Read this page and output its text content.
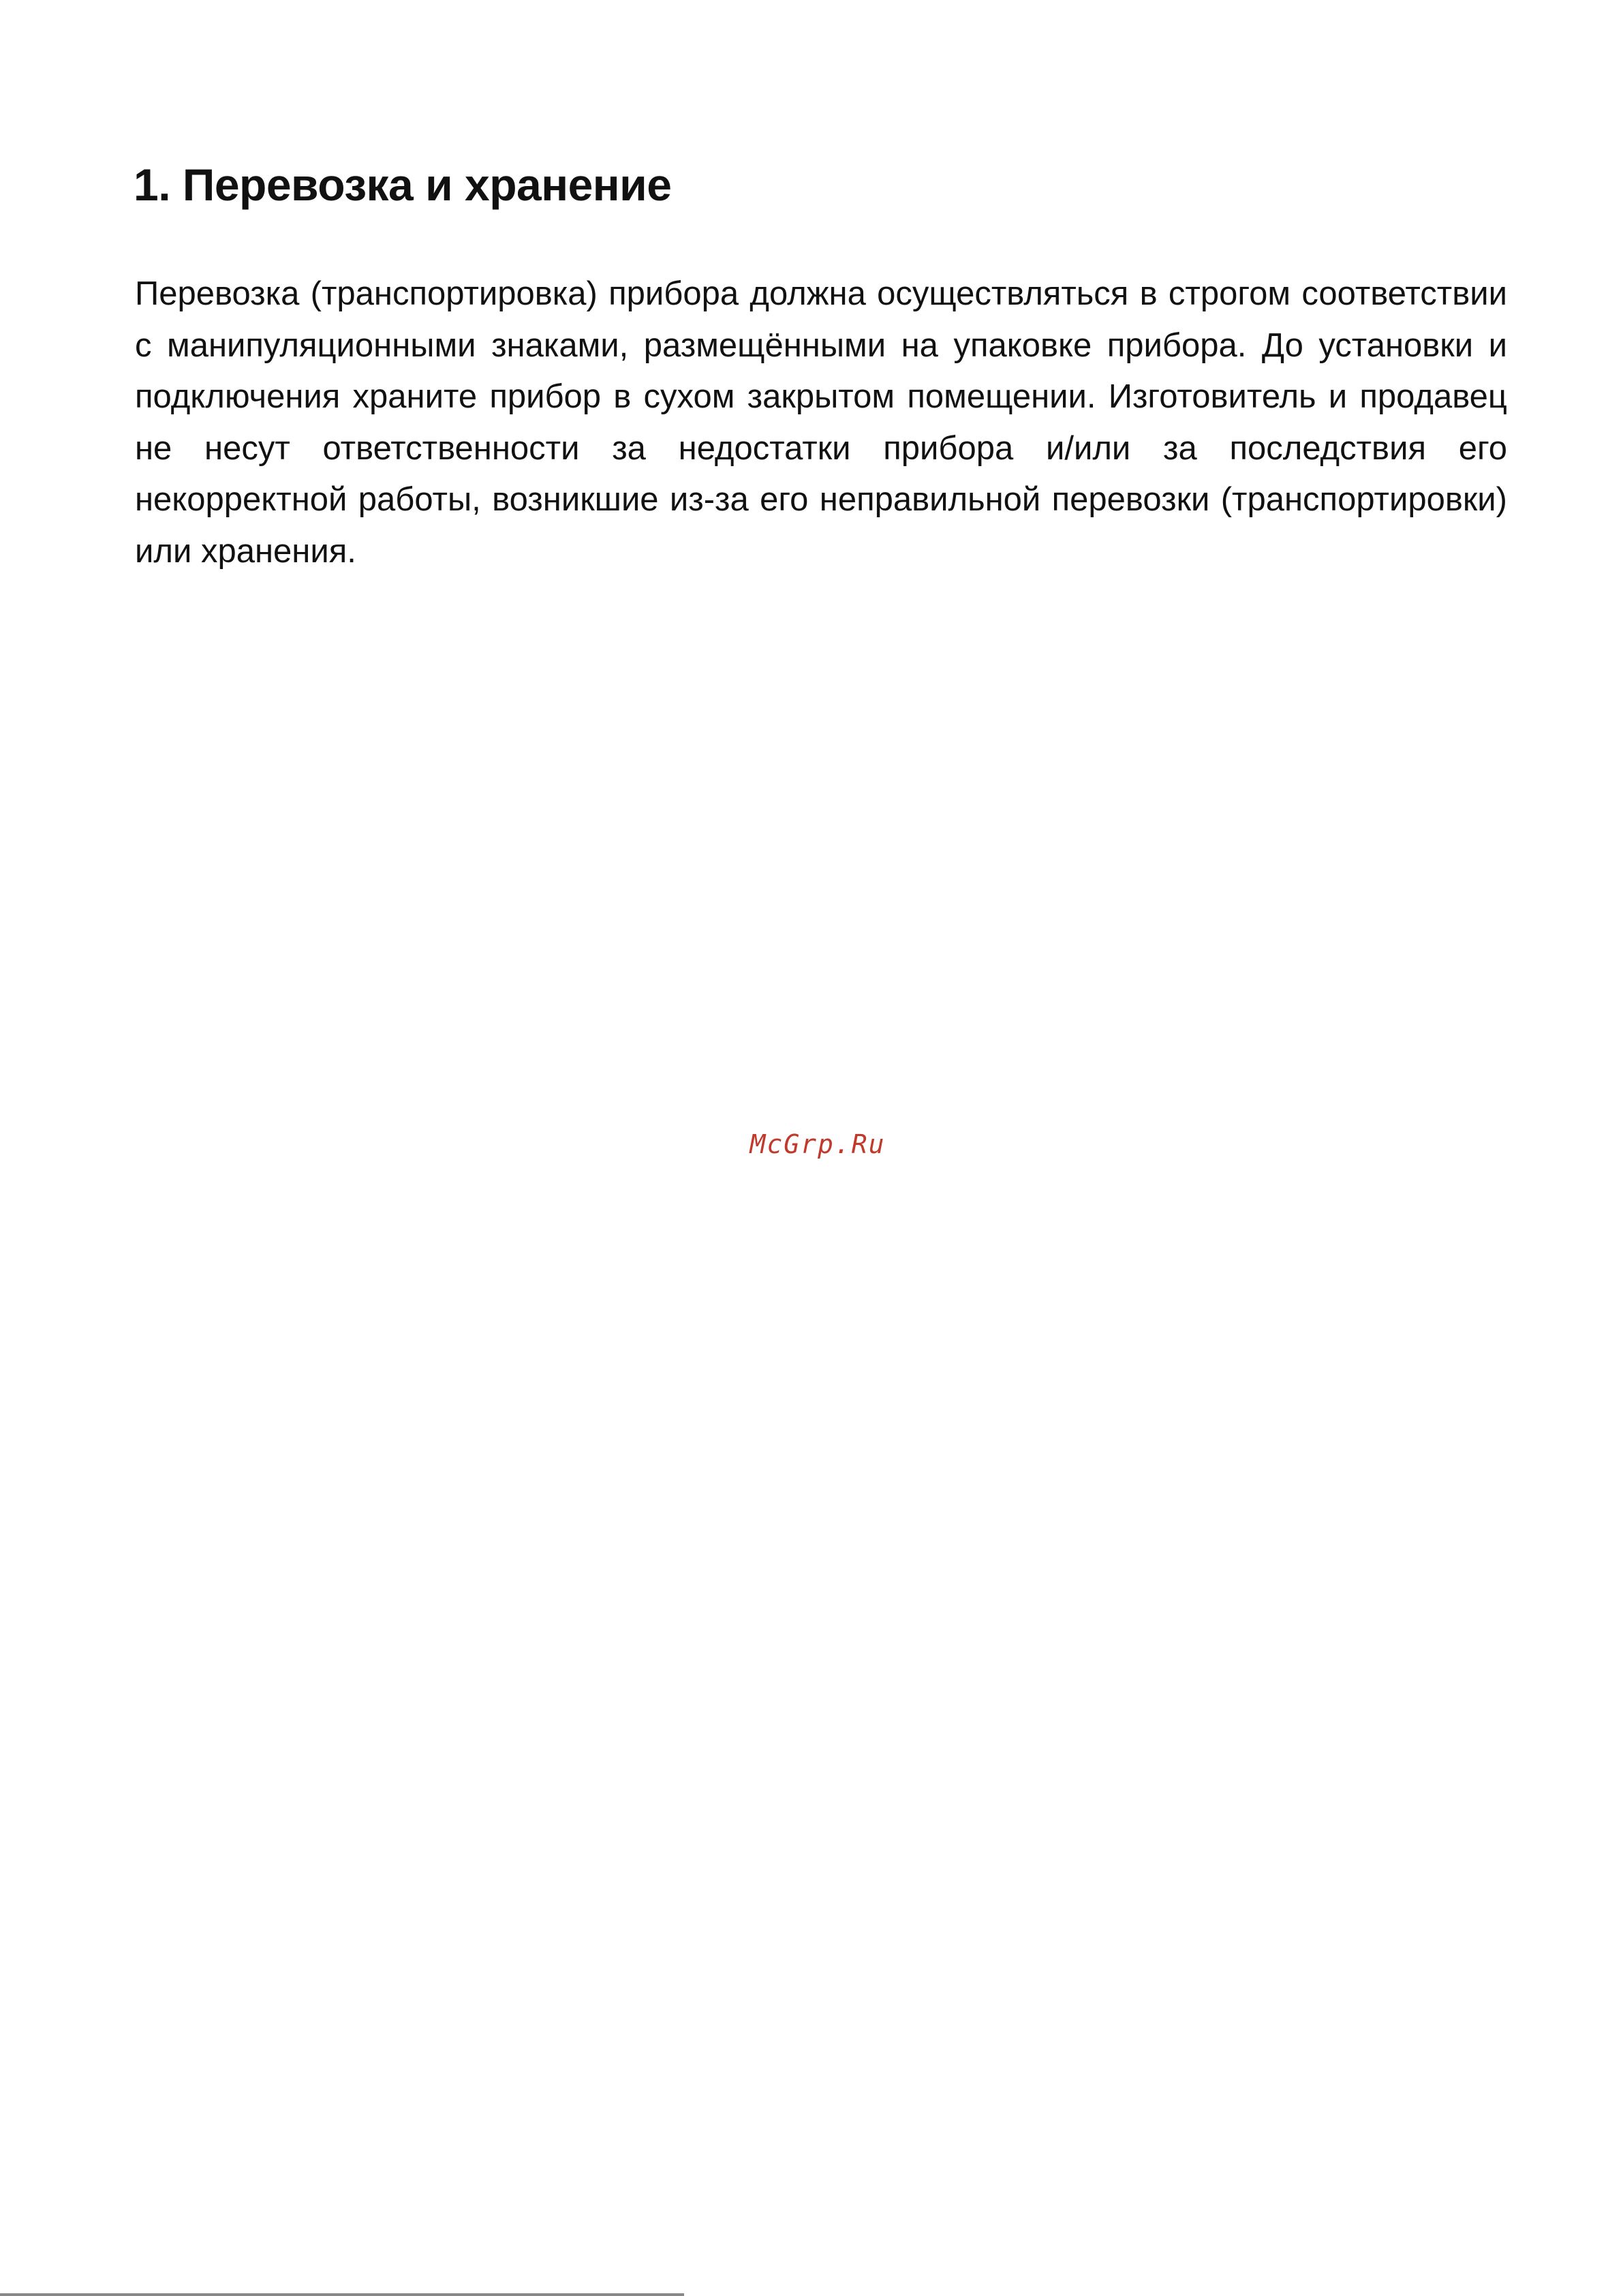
1. Перевозка и хранение

Перевозка (транспортировка) прибора должна осуществляться в строгом соответствии с манипуляционными знаками, размещёнными на упаковке прибора. До установки и подключения храните прибор в сухом закрытом помещении. Изготовитель и продавец не несут ответственности за недостатки прибора и/или за последствия его некорректной работы, возникшие из-за его неправильной перевозки (транспортировки) или хранения.

McGrp.Ru
